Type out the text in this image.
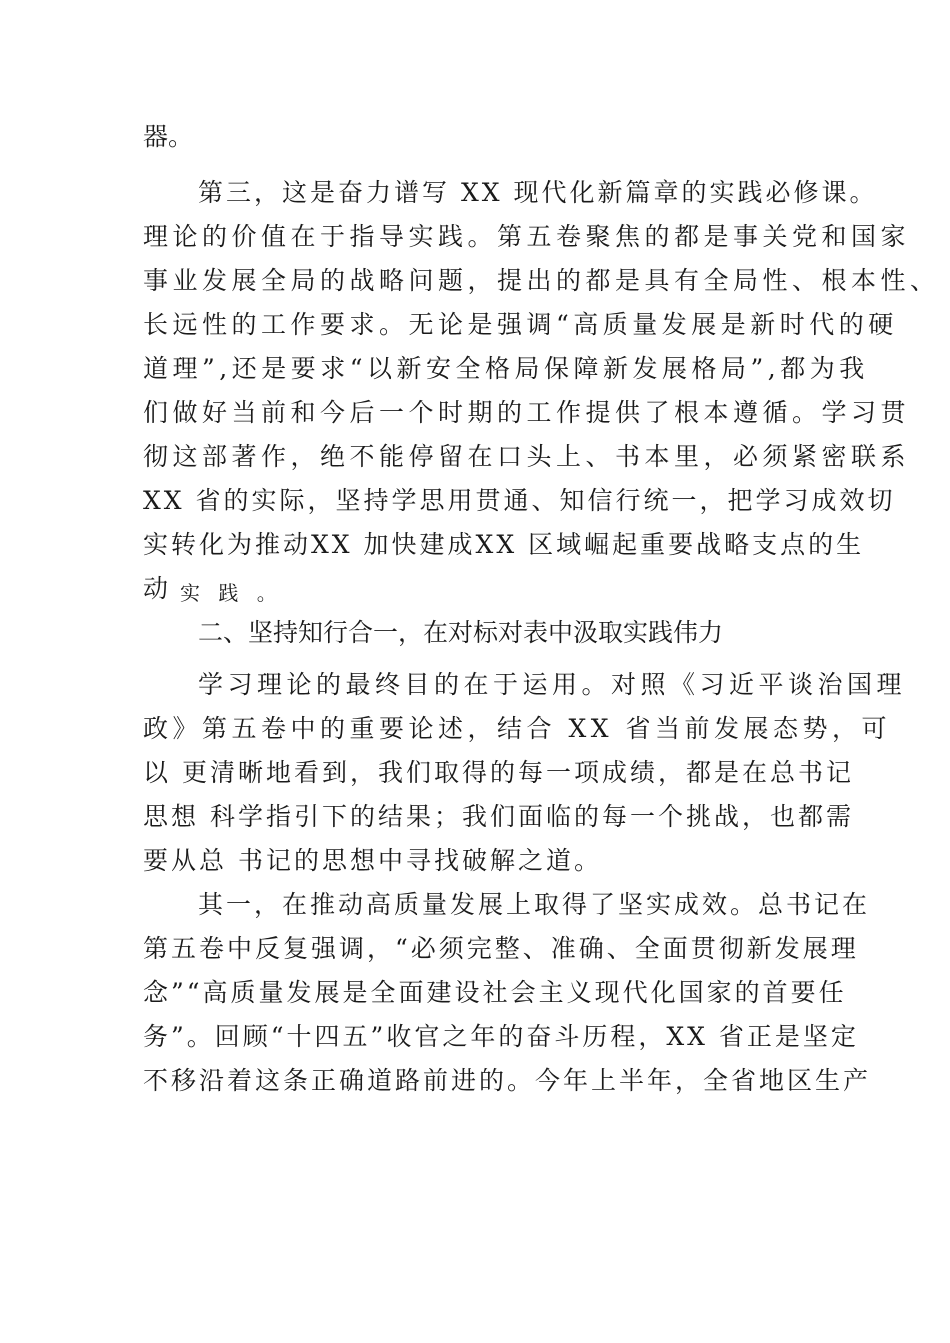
器。
第三，这是奋力谱写 XX 现代化新篇章的实践必修课。
理论的价值在于指导实践。第五卷聚焦的都是事关党和国家
事业发展全局的战略问题，提出的都是具有全局性、根本性、
长远性的工作要求。无论是强调“高质量发展是新时代的硬
道理”,还是要求“以新安全格局保障新发展格局”,都为我
们做好当前和今后一个时期的工作提供了根本遵循。学习贯
彻这部著作，绝不能停留在口头上、书本里，必须紧密联系
XX 省的实际，坚持学思用贯通、知信行统一，把学习成效切
实转化为推动XX 加快建成XX 区域崛起重要战略支点的生
动 实 践 。
二、坚持知行合一，在对标对表中汲取实践伟力
学习理论的最终目的在于运用。对照《习近平谈治国理
政》第五卷中的重要论述，结合 XX 省当前发展态势，可
以 更清晰地看到，我们取得的每一项成绩，都是在总书记
思想 科学指引下的结果；我们面临的每一个挑战，也都需
要从总 书记的思想中寻找破解之道。
其一，在推动高质量发展上取得了坚实成效。总书记在
第五卷中反复强调，“必须完整、准确、全面贯彻新发展理
念”“高质量发展是全面建设社会主义现代化国家的首要任
务”。回顾“十四五”收官之年的奋斗历程，XX 省正是坚定
不移沿着这条正确道路前进的。今年上半年，全省地区生产
